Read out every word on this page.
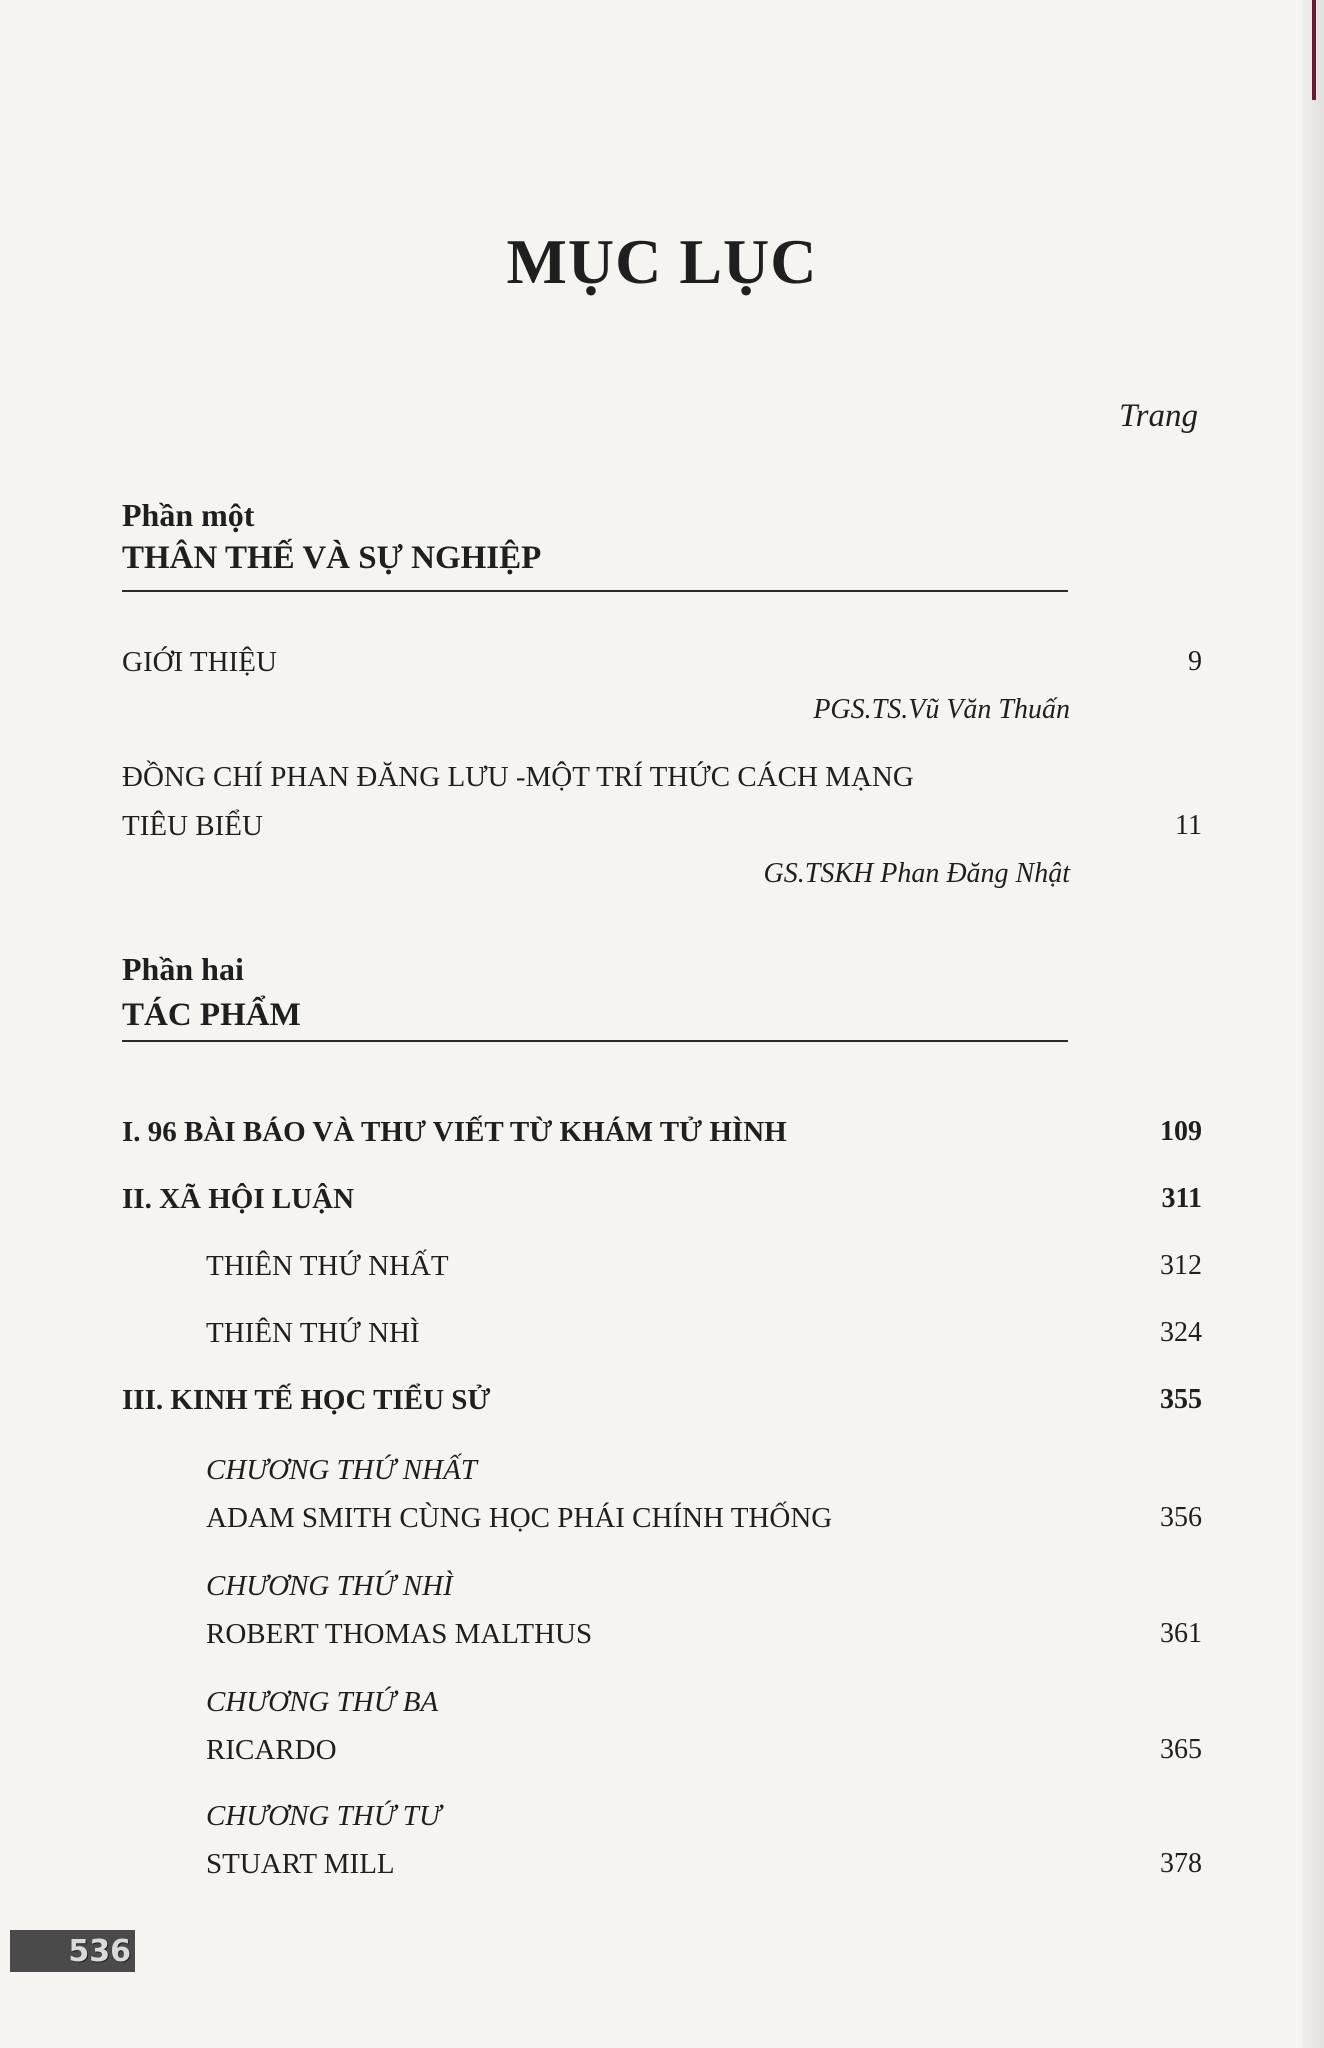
MỤC LỤC
Trang
Phần một
THÂN THẾ VÀ SỰ NGHIỆP
GIỚI THIỆU	9
PGS.TS.Vũ Văn Thuấn
ĐỒNG CHÍ PHAN ĐĂNG LƯU -MỘT TRÍ THỨC CÁCH MẠNG
TIÊU BIỂU	11
GS.TSKH Phan Đăng Nhật
Phần hai
TÁC PHẨM
I. 96 BÀI BÁO VÀ THƯ VIẾT TỪ KHÁM TỬ HÌNH	109
II. XÃ HỘI LUẬN	311
THIÊN THỨ NHẤT	312
THIÊN THỨ NHÌ	324
III. KINH TẾ HỌC TIỂU SỬ	355
CHƯƠNG THỨ NHẤT
ADAM SMITH CÙNG HỌC PHÁI CHÍNH THỐNG	356
CHƯƠNG THỨ NHÌ
ROBERT THOMAS MALTHUS	361
CHƯƠNG THỨ BA
RICARDO	365
CHƯƠNG THỨ TƯ
STUART MILL	378
536
